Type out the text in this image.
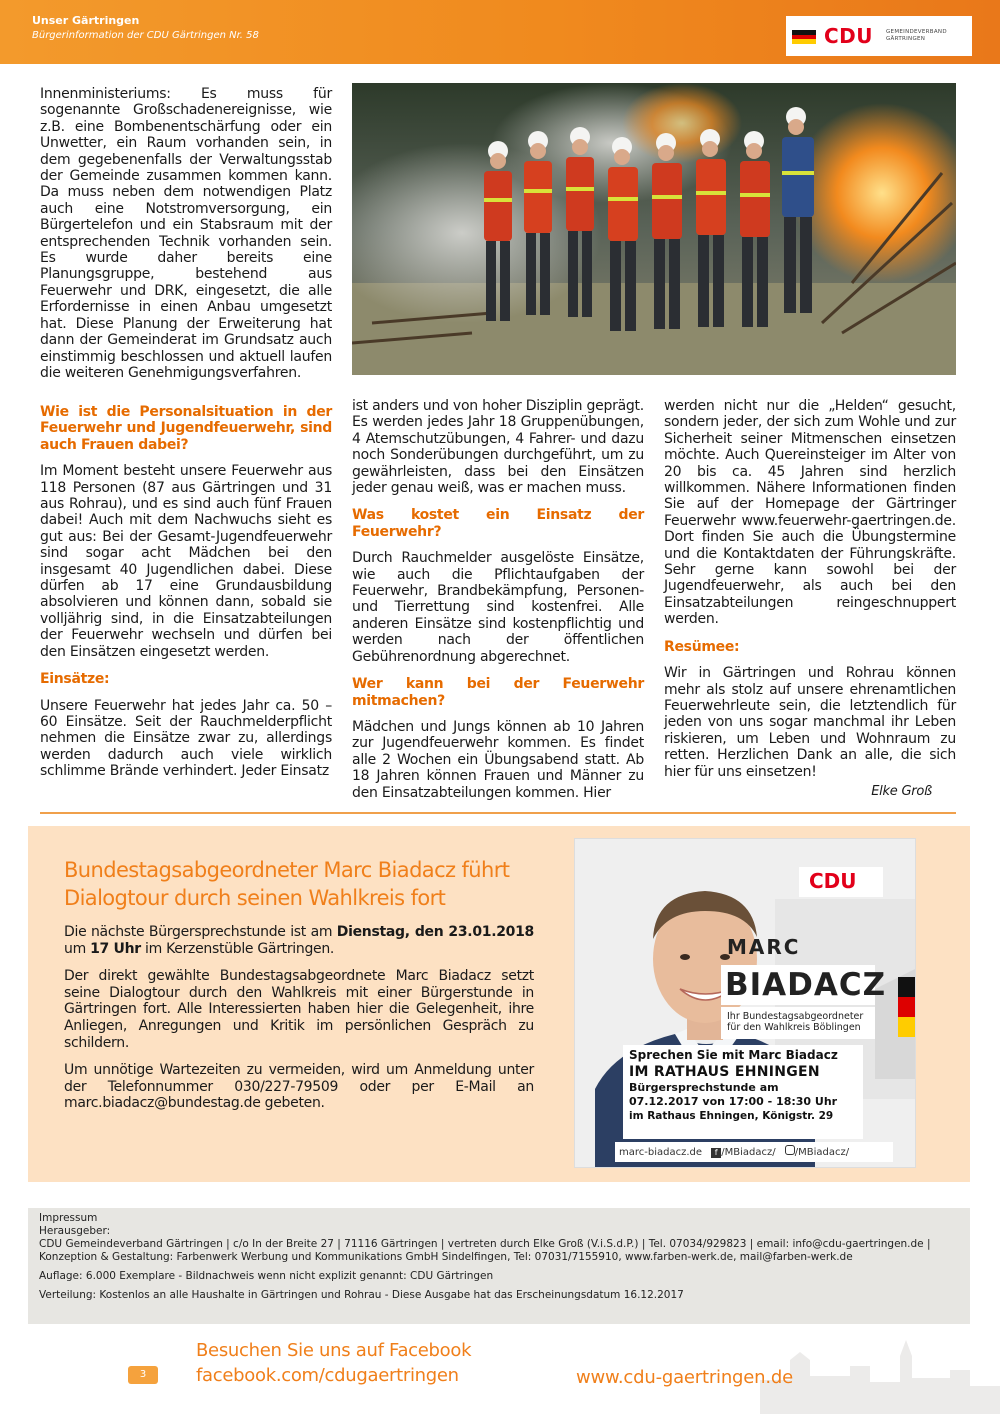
Unser Gärtringen
Bürgerinformation der CDU Gärtringen Nr. 58	CDU GEMEINDEVERBAND
GÄRTRINGEN

Innenministeriums: Es muss für sogenannte Großschadenereignisse, wie z.B. eine Bombenentschärfung oder ein Unwetter, ein Raum vorhanden sein, in dem gegebenenfalls der Verwaltungsstab der Gemeinde zusammen kommen kann. Da muss neben dem notwendigen Platz auch eine Notstromversorgung, ein Bürgertelefon und ein Stabsraum mit der entsprechenden Technik vorhanden sein. Es wurde daher bereits eine Planungsgruppe, bestehend aus Feuerwehr und DRK, eingesetzt, die alle Erfordernisse in einen Anbau umgesetzt hat. Diese Planung der Erweiterung hat dann der Gemeinderat im Grundsatz auch einstimmig beschlossen und aktuell laufen die weiteren Genehmigungsverfahren.

Wie ist die Personalsituation in der Feuerwehr und Jugendfeuerwehr, sind auch Frauen dabei?

Im Moment besteht unsere Feuerwehr aus 118 Personen (87 aus Gärtringen und 31 aus Rohrau), und es sind auch fünf Frauen dabei! Auch mit dem Nachwuchs sieht es gut aus: Bei der Gesamt-Jugendfeuerwehr sind sogar acht Mädchen bei den insgesamt 40 Jugendlichen dabei. Diese dürfen ab 17 eine Grundausbildung absolvieren und können dann, sobald sie volljährig sind, in die Einsatzabteilungen der Feuerwehr wechseln und dürfen bei den Einsätzen eingesetzt werden.

Einsätze:

Unsere Feuerwehr hat jedes Jahr ca. 50 – 60 Einsätze. Seit der Rauchmelderpflicht nehmen die Einsätze zwar zu, allerdings werden dadurch auch viele wirklich schlimme Brände verhindert. Jeder Einsatz

ist anders und von hoher Disziplin geprägt. Es werden jedes Jahr 18 Gruppenübungen, 4 Atemschutzübungen, 4 Fahrer- und dazu noch Sonderübungen durchgeführt, um zu gewährleisten, dass bei den Einsätzen jeder genau weiß, was er machen muss.

Was kostet ein Einsatz der Feuerwehr?

Durch Rauchmelder ausgelöste Einsätze, wie auch die Pflichtaufgaben der Feuerwehr, Brandbekämpfung, Personen- und Tierrettung sind kostenfrei. Alle anderen Einsätze sind kostenpflichtig und werden nach der öffentlichen Gebührenordnung abgerechnet.

Wer kann bei der Feuerwehr mitmachen?

Mädchen und Jungs können ab 10 Jahren zur Jugendfeuerwehr kommen. Es findet alle 2 Wochen ein Übungsabend statt. Ab 18 Jahren können Frauen und Männer zu den Einsatzabteilungen kommen. Hier

werden nicht nur die „Helden“ gesucht, sondern jeder, der sich zum Wohle und zur Sicherheit seiner Mitmenschen einsetzen möchte. Auch Quereinsteiger im Alter von 20 bis ca. 45 Jahren sind herzlich willkommen. Nähere Informationen finden Sie auf der Homepage der Gärtringer Feuerwehr www.feuerwehr-gaertringen.de. Dort finden Sie auch die Übungstermine und die Kontaktdaten der Führungskräfte. Sehr gerne kann sowohl bei der Jugendfeuerwehr, als auch bei den Einsatzabteilungen reingeschnuppert werden.

Resümee:

Wir in Gärtringen und Rohrau können mehr als stolz auf unsere ehrenamtlichen Feuerwehrleute sein, die letztendlich für jeden von uns sogar manchmal ihr Leben riskieren, um Leben und Wohnraum zu retten. Herzlichen Dank an alle, die sich hier für uns einsetzen!

Elke Groß
Bundestagsabgeordneter Marc Biadacz führt
Dialogtour durch seinen Wahlkreis fort

Die nächste Bürgersprechstunde ist am Dienstag, den 23.01.2018 um 17 Uhr im Kerzenstüble Gärtringen.

Der direkt gewählte Bundestagsabgeordnete Marc Biadacz setzt seine Dialogtour durch den Wahlkreis mit einer Bürgerstunde in Gärtringen fort. Alle Interessierten haben hier die Gelegenheit, ihre Anliegen, Anregungen und Kritik im persönlichen Gespräch zu schildern.

Um unnötige Wartezeiten zu vermeiden, wird um Anmeldung unter der Telefonnummer 030/227-79509 oder per E-Mail an marc.biadacz@bundestag.de gebeten.

CDU
MARC
BIADACZ
Ihr Bundestagsabgeordneter
für den Wahlkreis Böblingen
Sprechen Sie mit Marc Biadacz
IM RATHAUS EHNINGEN
Bürgersprechstunde am
07.12.2017 von 17:00 - 18:30 Uhr
im Rathaus Ehningen, Königstr. 29
marc-biadacz.de f /MBiadacz/ /MBiadacz/
Impressum
Herausgeber:

CDU Gemeindeverband Gärtringen | c/o In der Breite 27 | 71116 Gärtringen | vertreten durch Elke Groß (V.i.S.d.P.) | Tel. 07034/929823 | email: info@cdu-gaertringen.de | Konzeption & Gestaltung: Farbenwerk Werbung und Kommunikations GmbH Sindelfingen, Tel: 07031/7155910, www.farben-werk.de, mail@farben-werk.de

Auflage: 6.000 Exemplare - Bildnachweis wenn nicht explizit genannt: CDU Gärtringen

Verteilung: Kostenlos an alle Haushalte in Gärtringen und Rohrau - Diese Ausgabe hat das Erscheinungsdatum 16.12.2017

3
Besuchen Sie uns auf Facebook
facebook.com/cdugaertringen	www.cdu-gaertringen.de
